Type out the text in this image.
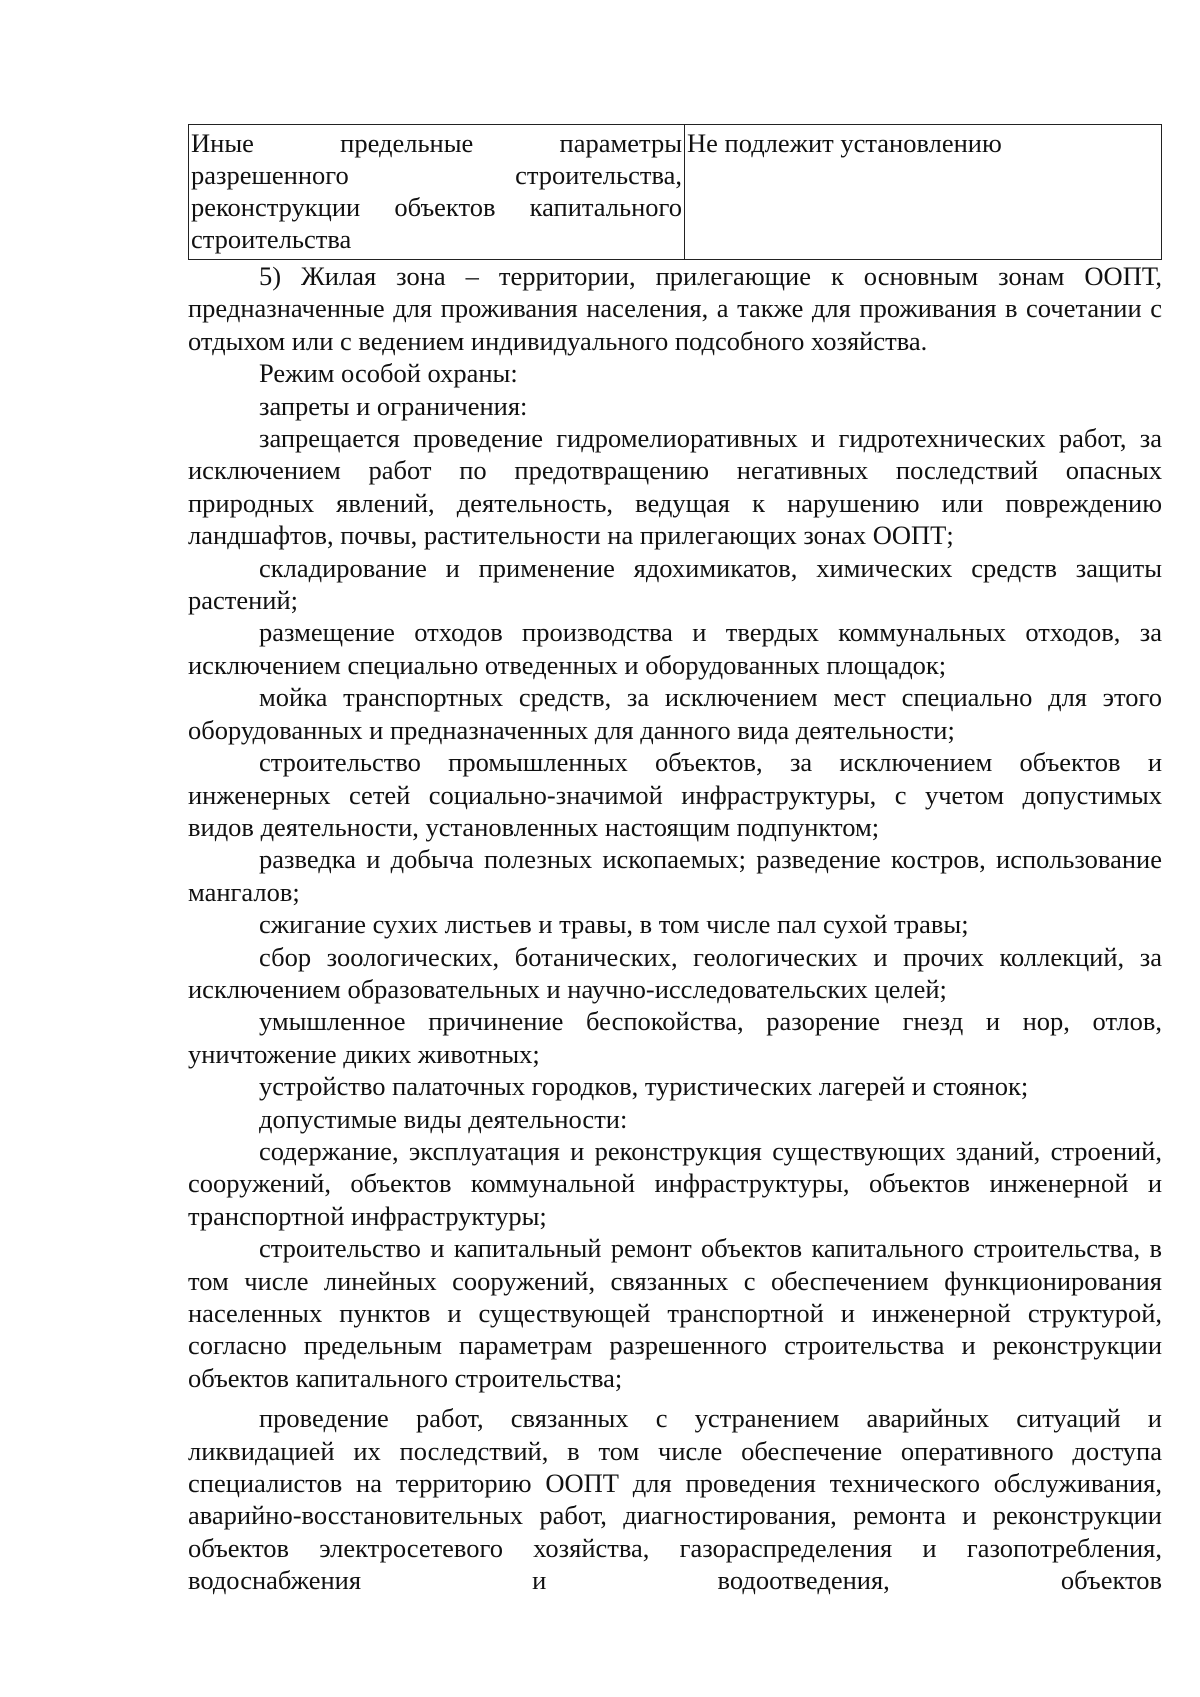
Иные предельные параметры разрешенного строительства, реконструкции объектов капитального строительства	Не подлежит установлению

5) Жилая зона – территории, прилегающие к основным зонам ООПТ, предназначенные для проживания населения, а также для проживания в сочетании с отдыхом или с ведением индивидуального подсобного хозяйства.

Режим особой охраны:

запреты и ограничения:

запрещается проведение гидромелиоративных и гидротехнических работ, за исключением работ по предотвращению негативных последствий опасных природных явлений, деятельность, ведущая к нарушению или повреждению ландшафтов, почвы, растительности на прилегающих зонах ООПТ;

складирование и применение ядохимикатов, химических средств защиты растений;

размещение отходов производства и твердых коммунальных отходов, за исключением специально отведенных и оборудованных площадок;

мойка транспортных средств, за исключением мест специально для этого оборудованных и предназначенных для данного вида деятельности;

строительство промышленных объектов, за исключением объектов и инженерных сетей социально-значимой инфраструктуры, с учетом допустимых видов деятельности, установленных настоящим подпунктом;

разведка и добыча полезных ископаемых; разведение костров, использование мангалов;

сжигание сухих листьев и травы, в том числе пал сухой травы;

сбор зоологических, ботанических, геологических и прочих коллекций, за исключением образовательных и научно-исследовательских целей;

умышленное причинение беспокойства, разорение гнезд и нор, отлов, уничтожение диких животных;

устройство палаточных городков, туристических лагерей и стоянок;

допустимые виды деятельности:

содержание, эксплуатация и реконструкция существующих зданий, строений, сооружений, объектов коммунальной инфраструктуры, объектов инженерной и транспортной инфраструктуры;

строительство и капитальный ремонт объектов капитального строительства, в том числе линейных сооружений, связанных с обеспечением функционирования населенных пунктов и существующей транспортной и инженерной структурой, согласно предельным параметрам разрешенного строительства и реконструкции объектов капитального строительства;

проведение работ, связанных с устранением аварийных ситуаций и ликвидацией их последствий, в том числе обеспечение оперативного доступа специалистов на территорию ООПТ для проведения технического обслуживания, аварийно-восстановительных работ, диагностирования, ремонта и реконструкции объектов электросетевого хозяйства, газораспределения и газопотребления, водоснабжения и водоотведения, объектов
